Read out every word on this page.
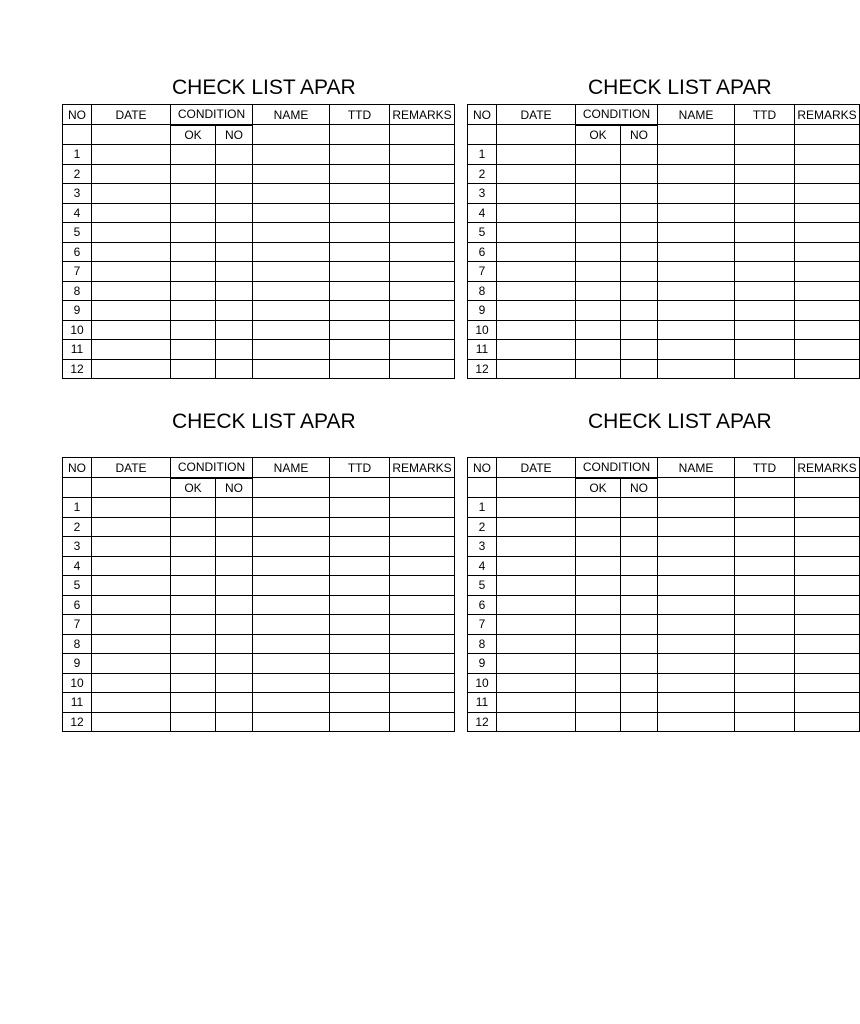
CHECK LIST APAR	CHECK LIST APAR
CHECK LIST APAR	CHECK LIST APAR
NO	DATE	CONDITION		NAME	TTD	REMARKS
		OK	NO			
1						
2						
3						
4						
5						
6						
7						
8						
9						
10						
11						
12						
NO	DATE	CONDITION		NAME	TTD	REMARKS
		OK	NO			
1						
2						
3						
4						
5						
6						
7						
8						
9						
10						
11						
12						
NO	DATE	CONDITION		NAME	TTD	REMARKS
		OK	NO			
1						
2						
3						
4						
5						
6						
7						
8						
9						
10						
11						
12						
NO	DATE	CONDITION		NAME	TTD	REMARKS
		OK	NO			
1						
2						
3						
4						
5						
6						
7						
8						
9						
10						
11						
12						
